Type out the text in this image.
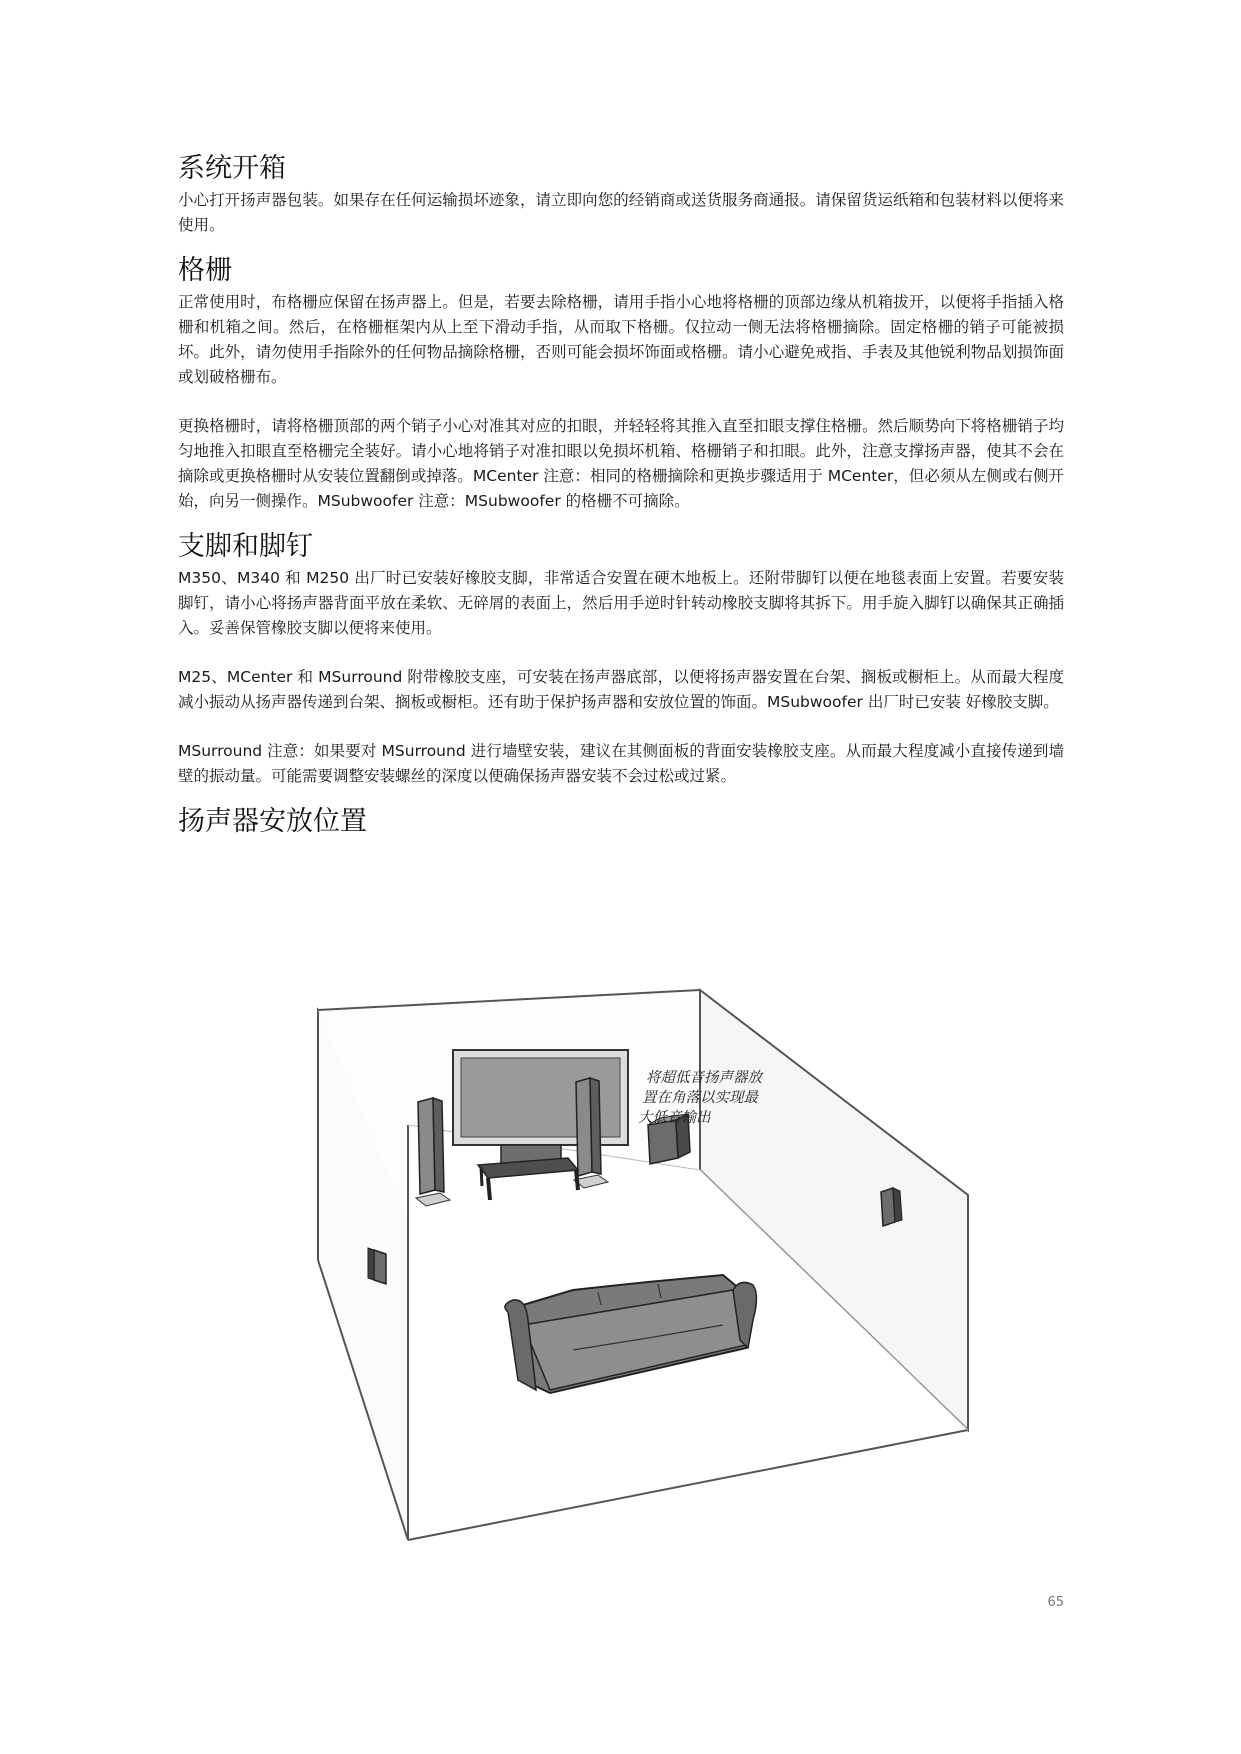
系统开箱

小心打开扬声器包装。如果存在任何运输损坏迹象，请立即向您的经销商或送货服务商通报。请保留货运纸箱和包装材料以便将来使用。

格栅

正常使用时，布格栅应保留在扬声器上。但是，若要去除格栅，请用手指小心地将格栅的顶部边缘从机箱拔开，以便将手指插入格栅和机箱之间。然后，在格栅框架内从上至下滑动手指，从而取下格栅。仅拉动一侧无法将格栅摘除。固定格栅的销子可能被损坏。此外，请勿使用手指除外的任何物品摘除格栅，否则可能会损坏饰面或格栅。请小心避免戒指、手表及其他锐利物品划损饰面或划破格栅布。

更换格栅时，请将格栅顶部的两个销子小心对准其对应的扣眼，并轻轻将其推入直至扣眼支撑住格栅。然后顺势向下将格栅销子均匀地推入扣眼直至格栅完全装好。请小心地将销子对准扣眼以免损坏机箱、格栅销子和扣眼。此外，注意支撑扬声器，使其不会在摘除或更换格栅时从安装位置翻倒或掉落。MCenter 注意：相同的格栅摘除和更换步骤适用于 MCenter，但必须从左侧或右侧开始，向另一侧操作。MSubwoofer 注意：MSubwoofer 的格栅不可摘除。

支脚和脚钉

M350、M340 和 M250 出厂时已安装好橡胶支脚，非常适合安置在硬木地板上。还附带脚钉以便在地毯表面上安置。若要安装脚钉，请小心将扬声器背面平放在柔软、无碎屑的表面上，然后用手逆时针转动橡胶支脚将其拆下。用手旋入脚钉以确保其正确插入。妥善保管橡胶支脚以便将来使用。

M25、MCenter 和 MSurround 附带橡胶支座，可安装在扬声器底部，以便将扬声器安置在台架、搁板或橱柜上。从而最大程度减小振动从扬声器传递到台架、搁板或橱柜。还有助于保护扬声器和安放位置的饰面。MSubwoofer 出厂时已安装 好橡胶支脚。

MSurround 注意：如果要对 MSurround 进行墙壁安装，建议在其侧面板的背面安装橡胶支座。从而最大程度减小直接传递到墙壁的振动量。可能需要调整安装螺丝的深度以便确保扬声器安装不会过松或过紧。

扬声器安放位置
将超低音扬声器放 置在角落以实现最 大低音输出
65
